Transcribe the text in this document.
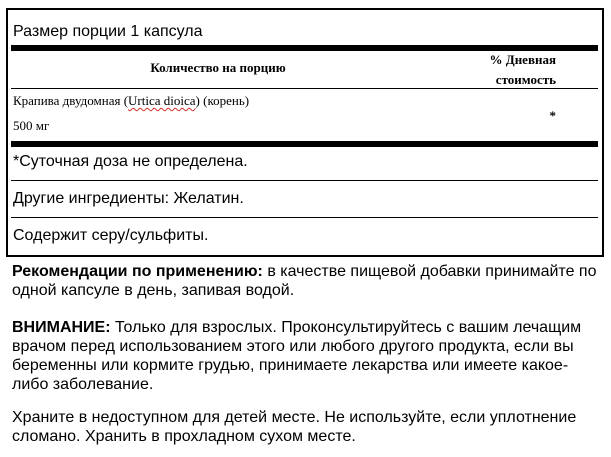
Размер порции 1 капсула
Количество на порцию
% Дневная
стоимость
Крапива двудомная (Urtica dioica) (корень)
500 мг
*
*Суточная доза не определена.
Другие ингредиенты: Желатин.
Содержит серу/сульфиты.
Рекомендации по применению: в качестве пищевой добавки принимайте по одной капсуле в день, запивая водой.
ВНИМАНИЕ: Только для взрослых. Проконсультируйтесь с вашим лечащим врачом перед использованием этого или любого другого продукта, если вы беременны или кормите грудью, принимаете лекарства или имеете какое-либо заболевание.
Храните в недоступном для детей месте. Не используйте, если уплотнение сломано. Хранить в прохладном сухом месте.
